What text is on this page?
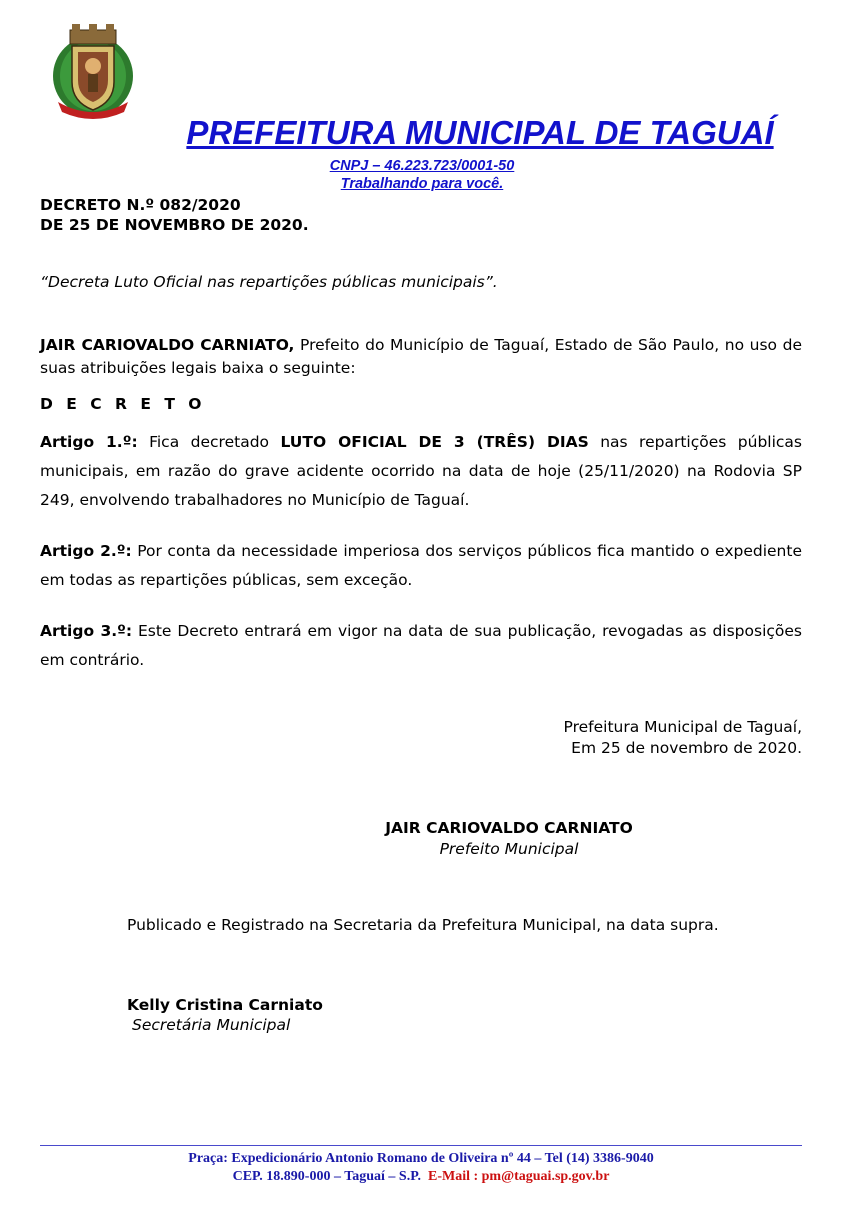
PREFEITURA MUNICIPAL DE TAGUAÍ
CNPJ – 46.223.723/0001-50
Trabalhando para você.
DECRETO N.º 082/2020
DE 25 DE NOVEMBRO DE 2020.
“Decreta Luto Oficial nas repartições públicas municipais”.
JAIR CARIOVALDO CARNIATO, Prefeito do Município de Taguaí, Estado de São Paulo, no uso de suas atribuições legais baixa o seguinte:
D E C R E T O
Artigo 1.º: Fica decretado LUTO OFICIAL DE 3 (TRÊS) DIAS nas repartições públicas municipais, em razão do grave acidente ocorrido na data de hoje (25/11/2020) na Rodovia SP 249, envolvendo trabalhadores no Município de Taguaí.
Artigo 2.º: Por conta da necessidade imperiosa dos serviços públicos fica mantido o expediente em todas as repartições públicas, sem exceção.
Artigo 3.º: Este Decreto entrará em vigor na data de sua publicação, revogadas as disposições em contrário.
Prefeitura Municipal de Taguaí,
Em 25 de novembro de 2020.
JAIR CARIOVALDO CARNIATO
Prefeito Municipal
Publicado e Registrado na Secretaria da Prefeitura Municipal, na data supra.
Kelly Cristina Carniato
Secretária Municipal
Praça: Expedicionário Antonio Romano de Oliveira nº 44 – Tel (14) 3386-9040
CEP. 18.890-000 – Taguaí – S.P. E-Mail : pm@taguai.sp.gov.br
